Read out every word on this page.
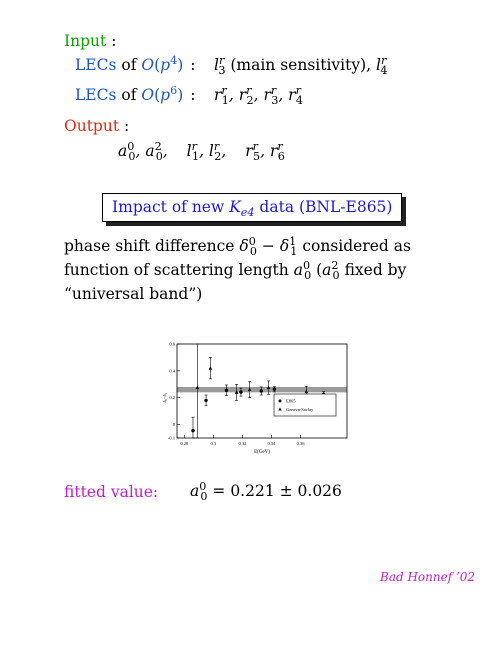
Input :
LECs of $O(p^4)$ : $l^r_3$ (main sensitivity), $l^r_4$
LECs of $O(p^6)$ : $r^r_1$, $r^r_2$, $r^r_3$, $r^r_4$
Output :
$a^0_0$, $a^2_0$, $l^r_1$, $l^r_2$, $r^r_5$, $r^r_6$
Impact of new $K_{e4}$ data (BNL-E865)
phase shift difference $\delta^0_0 - \delta^1_1$ considered as
function of scattering length $a^0_0$ ($a^2_0$ fixed by
“universal band”)
-0.1
0
0.2
0.4
0.6
0.28	0.3	0.32	0.34	0.36
E(GeV)
δ₀−δ₁	E865
Geneva-Saclay
fitted value: $a^0_0 = 0.221 \pm 0.026$
Bad Honnef ’02
